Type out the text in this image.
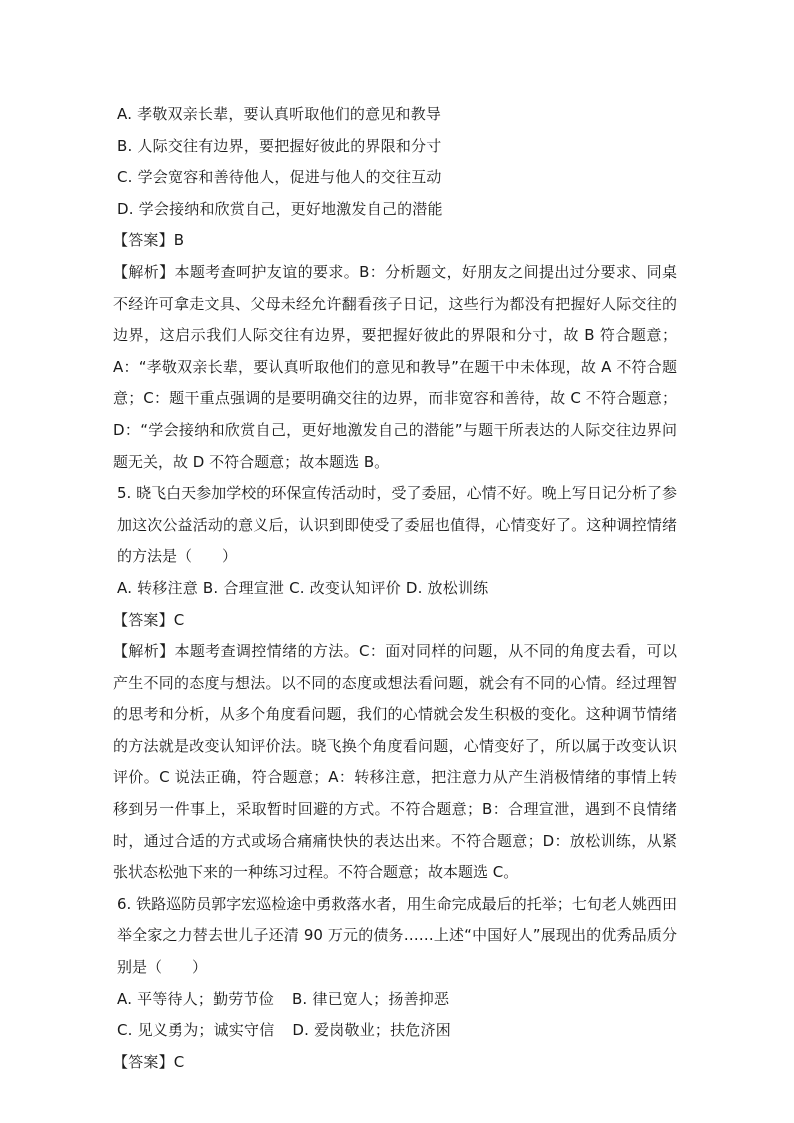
A. 孝敬双亲长辈，要认真听取他们的意见和教导
B. 人际交往有边界，要把握好彼此的界限和分寸
C. 学会宽容和善待他人，促进与他人的交往互动
D. 学会接纳和欣赏自己，更好地激发自己的潜能
【答案】B
【解析】本题考查呵护友谊的要求。B：分析题文，好朋友之间提出过分要求、同桌不经许可拿走文具、父母未经允许翻看孩子日记，这些行为都没有把握好人际交往的边界，这启示我们人际交往有边界，要把握好彼此的界限和分寸，故 B 符合题意；A：“孝敬双亲长辈，要认真听取他们的意见和教导”在题干中未体现，故 A 不符合题意；C：题干重点强调的是要明确交往的边界，而非宽容和善待，故 C 不符合题意；D：“学会接纳和欣赏自己，更好地激发自己的潜能”与题干所表达的人际交往边界问题无关，故 D 不符合题意；故本题选 B。
5. 晓飞白天参加学校的环保宣传活动时，受了委屈，心情不好。晚上写日记分析了参加这次公益活动的意义后，认识到即使受了委屈也值得，心情变好了。这种调控情绪的方法是（　　）
A. 转移注意 B. 合理宣泄 C. 改变认知评价 D. 放松训练
【答案】C
【解析】本题考查调控情绪的方法。C：面对同样的问题，从不同的角度去看，可以产生不同的态度与想法。以不同的态度或想法看问题，就会有不同的心情。经过理智的思考和分析，从多个角度看问题，我们的心情就会发生积极的变化。这种调节情绪的方法就是改变认知评价法。晓飞换个角度看问题，心情变好了，所以属于改变认识评价。C 说法正确，符合题意；A：转移注意，把注意力从产生消极情绪的事情上转移到另一件事上，采取暂时回避的方式。不符合题意；B：合理宣泄，遇到不良情绪时，通过合适的方式或场合痛痛快快的表达出来。不符合题意；D：放松训练，从紧张状态松弛下来的一种练习过程。不符合题意；故本题选 C。
6. 铁路巡防员郭字宏巡检途中勇救落水者，用生命完成最后的托举；七旬老人姚西田举全家之力替去世儿子还清 90 万元的债务……上述“中国好人”展现出的优秀品质分别是（　　）
A. 平等待人；勤劳节俭 B. 律已宽人；扬善抑恶
C. 见义勇为；诚实守信 D. 爱岗敬业；扶危济困
【答案】C
